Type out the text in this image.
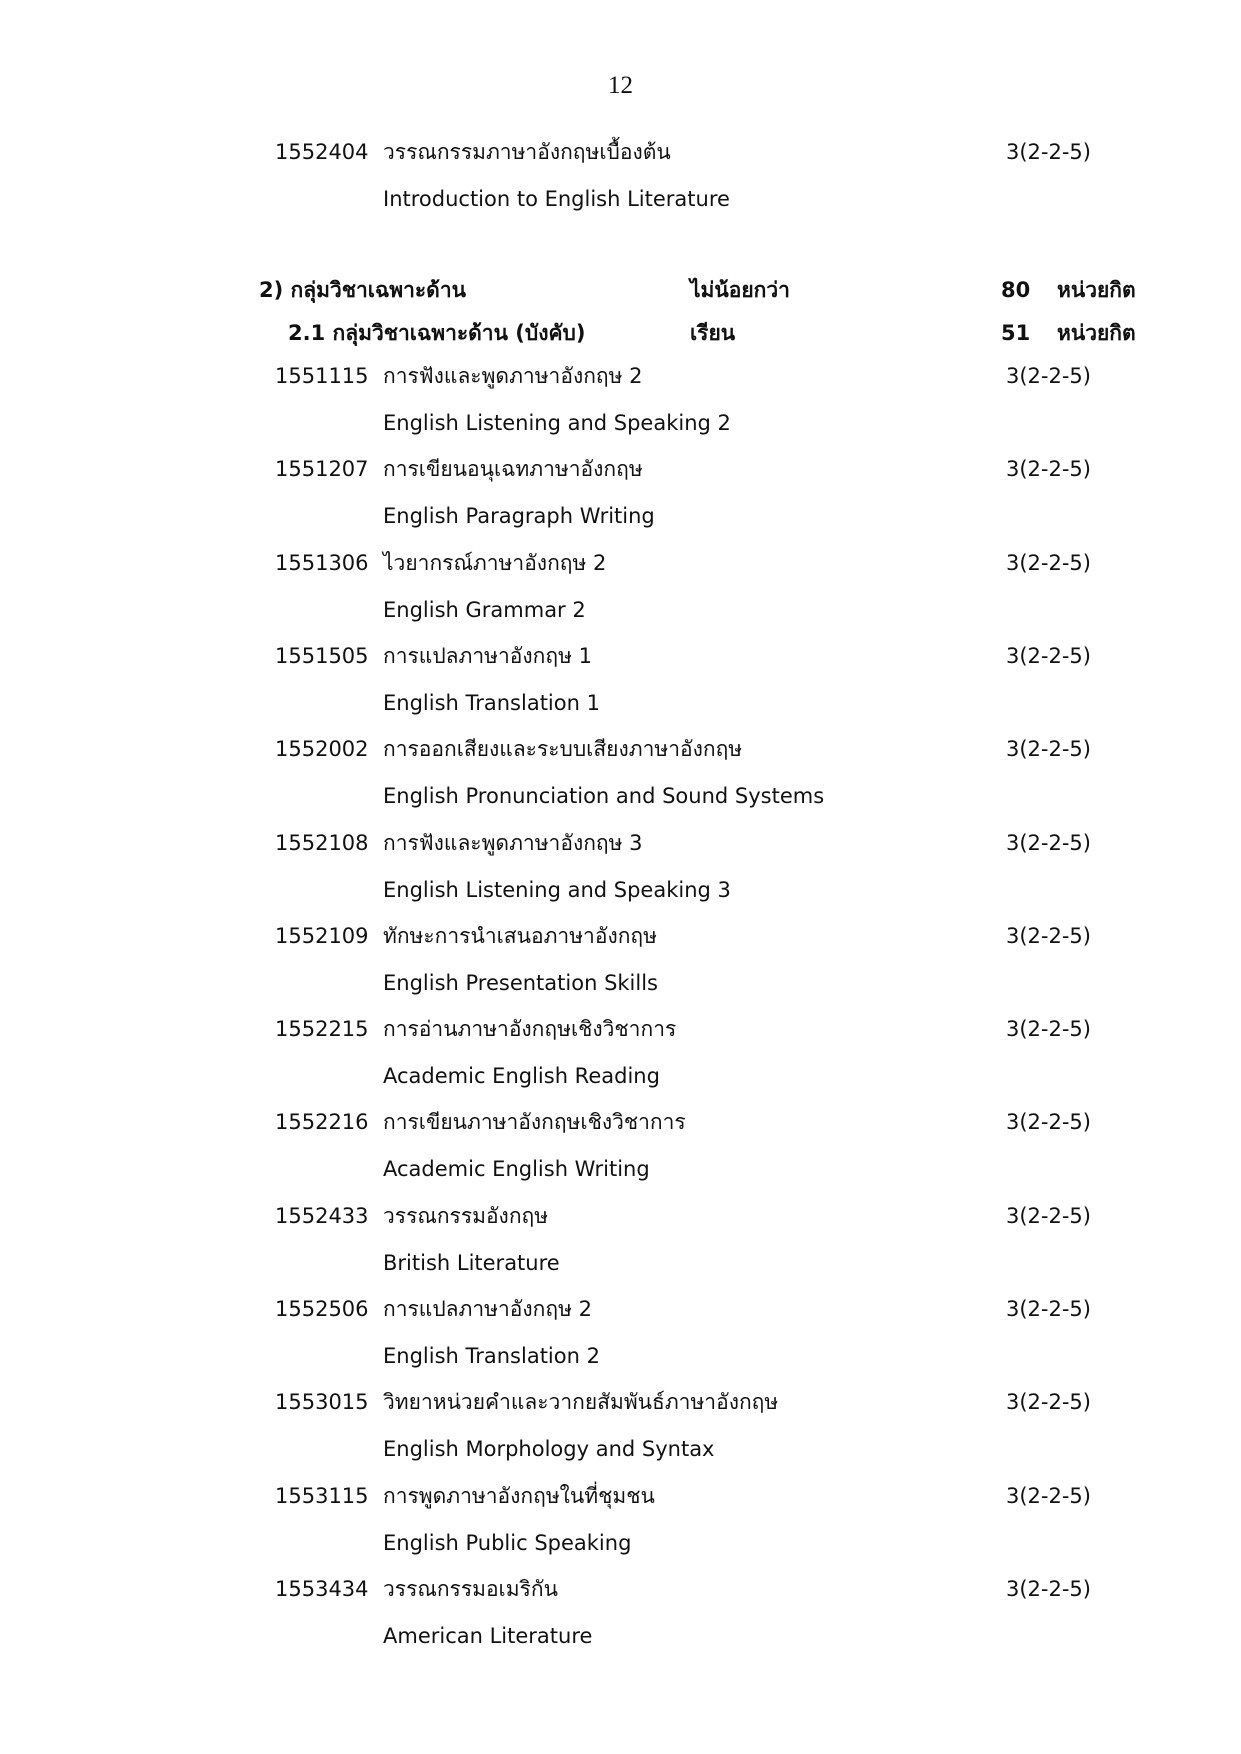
12
1552404 วรรณกรรมภาษาอังกฤษเบื้องต้น	3(2-2-5)
Introduction to English Literature
2) กลุ่มวิชาเฉพาะด้าน	ไม่น้อยกว่า	80 หน่วยกิต
2.1 กลุ่มวิชาเฉพาะด้าน (บังคับ)	เรียน	51 หน่วยกิต
1551115 การฟังและพูดภาษาอังกฤษ 2	3(2-2-5)
English Listening and Speaking 2
1551207 การเขียนอนุเฉทภาษาอังกฤษ	3(2-2-5)
English Paragraph Writing
1551306 ไวยากรณ์ภาษาอังกฤษ 2	3(2-2-5)
English Grammar 2
1551505 การแปลภาษาอังกฤษ 1	3(2-2-5)
English Translation 1
1552002 การออกเสียงและระบบเสียงภาษาอังกฤษ	3(2-2-5)
English Pronunciation and Sound Systems
1552108 การฟังและพูดภาษาอังกฤษ 3	3(2-2-5)
English Listening and Speaking 3
1552109 ทักษะการนำเสนอภาษาอังกฤษ	3(2-2-5)
English Presentation Skills
1552215 การอ่านภาษาอังกฤษเชิงวิชาการ	3(2-2-5)
Academic English Reading
1552216 การเขียนภาษาอังกฤษเชิงวิชาการ	3(2-2-5)
Academic English Writing
1552433 วรรณกรรมอังกฤษ	3(2-2-5)
British Literature
1552506 การแปลภาษาอังกฤษ 2	3(2-2-5)
English Translation 2
1553015 วิทยาหน่วยคำและวากยสัมพันธ์ภาษาอังกฤษ	3(2-2-5)
English Morphology and Syntax
1553115 การพูดภาษาอังกฤษในที่ชุมชน	3(2-2-5)
English Public Speaking
1553434 วรรณกรรมอเมริกัน	3(2-2-5)
American Literature
